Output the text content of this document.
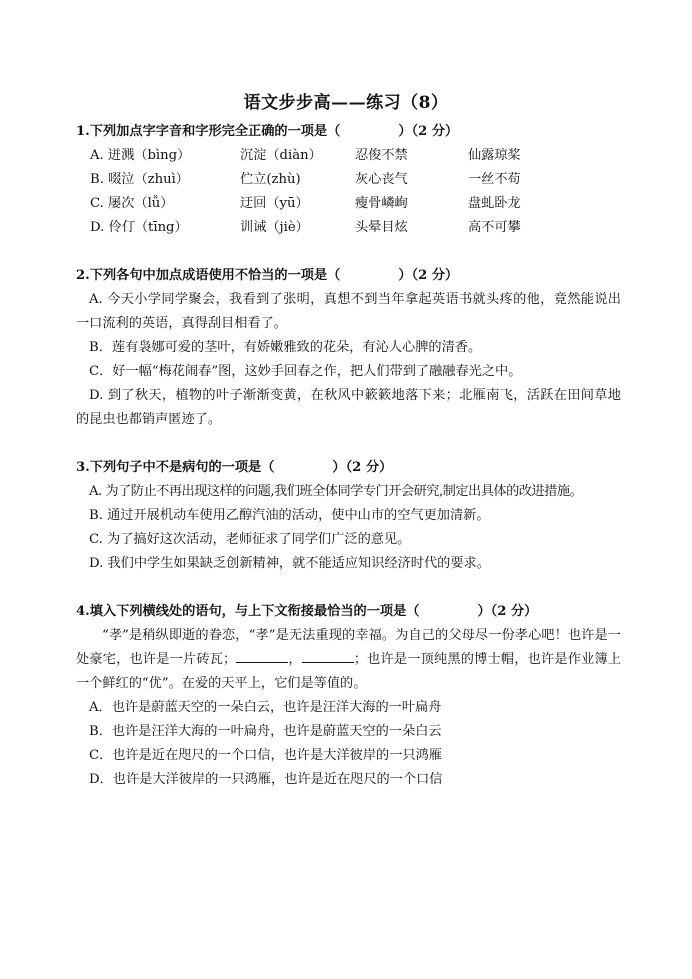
语文步步高——练习（8）
1.下列加点字字音和字形完全正确的一项是（	）（2 分）
A. 迸溅（bìng）	沉淀（diàn）	忍俊不禁	仙露琼桨
B. 啜泣（zhuì）	伫立(zhù)	灰心丧气	一丝不苟
C. 屡次（lǚ）	迂回（yū）	瘦骨嶙峋	盘虬卧龙
D. 伶仃（tīng）	训诫（jiè）	头晕目炫	高不可攀
2.下列各句中加点成语使用不恰当的一项是（	）（2 分）
A. 今天小学同学聚会，我看到了张明，真想不到当年拿起英语书就头疼的他，竟然能说出一口流利的英语，真得刮目相看了。
B．莲有袅娜可爱的茎叶，有娇嫩雅致的花朵，有沁人心脾的清香。
C．好一幅“梅花闹春”图，这妙手回春之作，把人们带到了融融春光之中。
D. 到了秋天，植物的叶子渐渐变黄，在秋风中簌簌地落下来；北雁南飞，活跃在田间草地的昆虫也都销声匿迹了。
3.下列句子中不是病句的一项是（	）（2 分）
A. 为了防止不再出现这样的问题,我们班全体同学专门开会研究,制定出具体的改进措施。
B. 通过开展机动车使用乙醇汽油的活动，使中山市的空气更加清新。
C. 为了搞好这次活动，老师征求了同学们广泛的意见。
D. 我们中学生如果缺乏创新精神，就不能适应知识经济时代的要求。
4.填入下列横线处的语句，与上下文衔接最恰当的一项是（	）（2 分）
“孝”是稍纵即逝的眷恋，“孝”是无法重现的幸福。为自己的父母尽一份孝心吧！也许是一处豪宅，也许是一片砖瓦；	，	；也许是一顶纯黑的博士帽，也许是作业簿上一个鲜红的“优”。在爱的天平上，它们是等值的。
A．也许是蔚蓝天空的一朵白云，也许是汪洋大海的一叶扁舟
B．也许是汪洋大海的一叶扁舟，也许是蔚蓝天空的一朵白云
C．也许是近在咫尺的一个口信，也许是大洋彼岸的一只鸿雁
D．也许是大洋彼岸的一只鸿雁，也许是近在咫尺的一个口信
